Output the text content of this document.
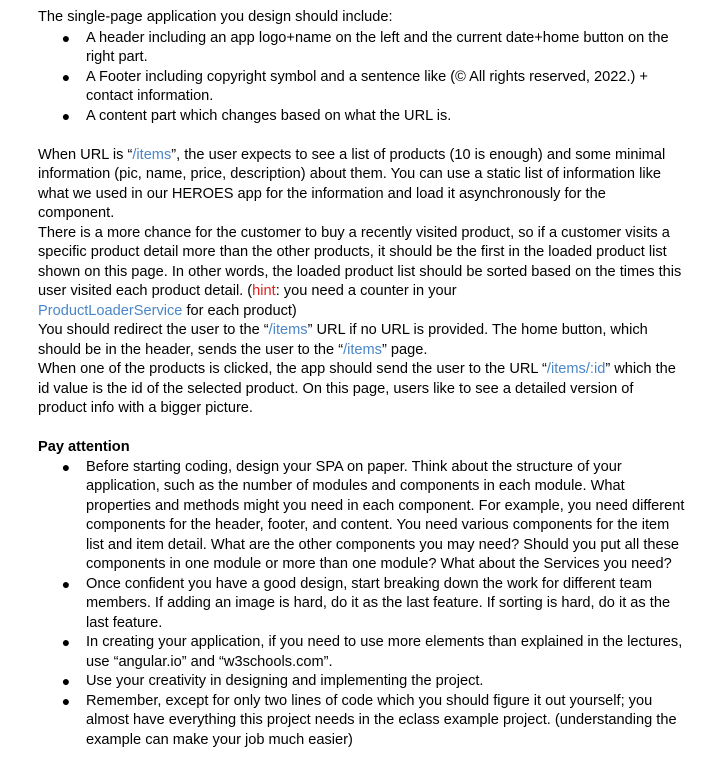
The single-page application you design should include:

● A header including an app logo+name on the left and the current date+home button on the right part.
● A Footer including copyright symbol and a sentence like (© All rights reserved, 2022.) + contact information.
● A content part which changes based on what the URL is.

When URL is “/items”, the user expects to see a list of products (10 is enough) and some minimal information (pic, name, price, description) about them. You can use a static list of information like what we used in our HEROES app for the information and load it asynchronously for the component.

There is a more chance for the customer to buy a recently visited product, so if a customer visits a specific product detail more than the other products, it should be the first in the loaded product list shown on this page. In other words, the loaded product list should be sorted based on the times this user visited each product detail. (hint: you need a counter in your
ProductLoaderService for each product)

You should redirect the user to the “/items” URL if no URL is provided. The home button, which should be in the header, sends the user to the “/items” page.

When one of the products is clicked, the app should send the user to the URL “/items/:id” which the id value is the id of the selected product. On this page, users like to see a detailed version of product info with a bigger picture.

Pay attention

● Before starting coding, design your SPA on paper. Think about the structure of your application, such as the number of modules and components in each module. What properties and methods might you need in each component. For example, you need different components for the header, footer, and content. You need various components for the item list and item detail. What are the other components you may need? Should you put all these components in one module or more than one module? What about the Services you need?
● Once confident you have a good design, start breaking down the work for different team members. If adding an image is hard, do it as the last feature. If sorting is hard, do it as the last feature.
● In creating your application, if you need to use more elements than explained in the lectures, use “angular.io” and “w3schools.com”.
● Use your creativity in designing and implementing the project.
● Remember, except for only two lines of code which you should figure it out yourself; you almost have everything this project needs in the eclass example project. (understanding the example can make your job much easier)
